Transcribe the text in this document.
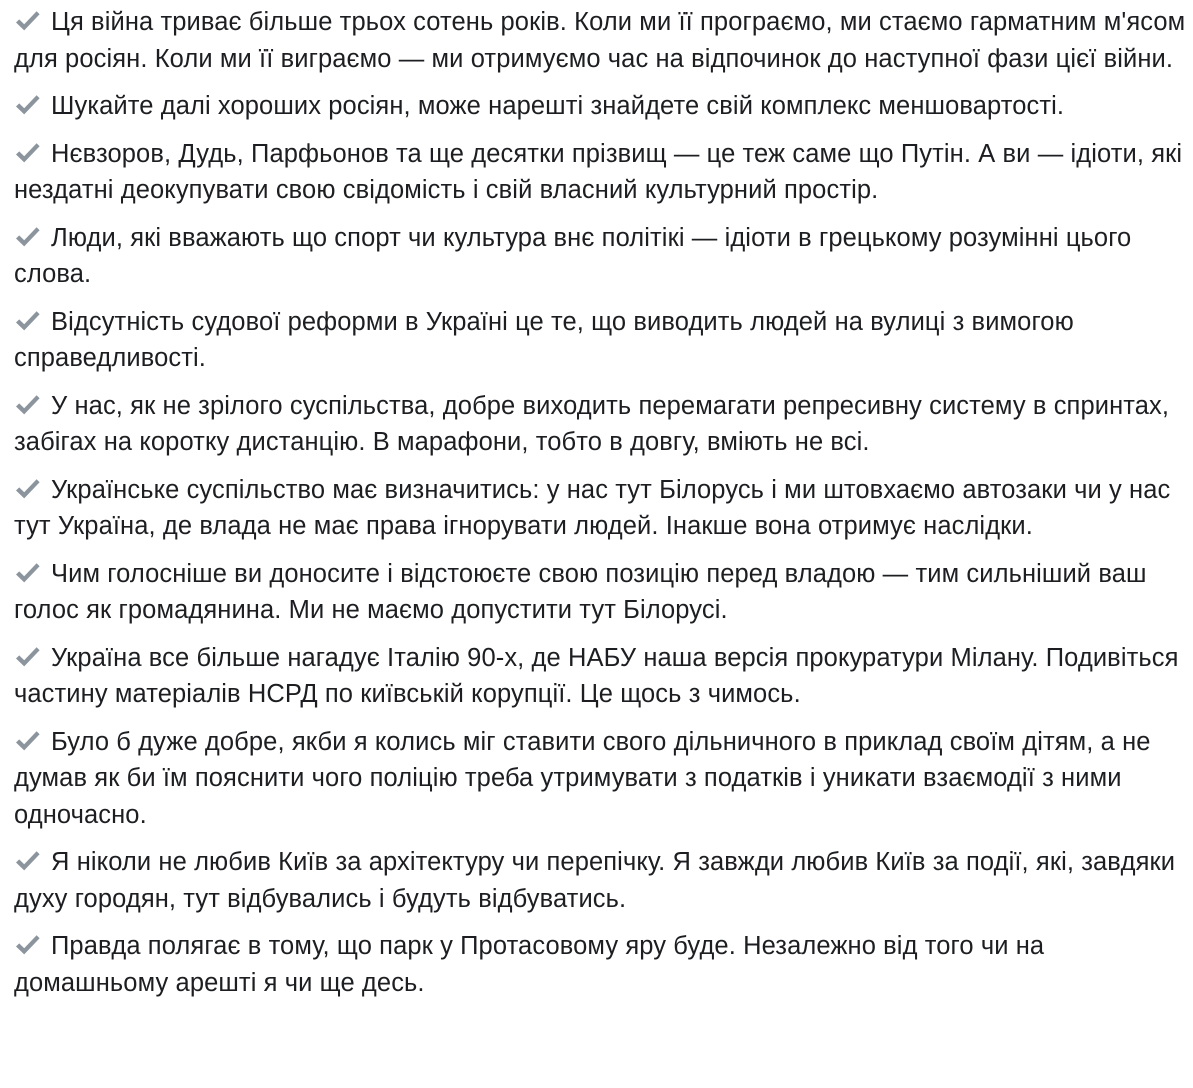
Ця війна триває більше трьох сотень років. Коли ми її програємо, ми стаємо гарматним м'ясом для росіян. Коли ми її виграємо — ми отримуємо час на відпочинок до наступної фази цієї війни.

Шукайте далі хороших росіян, може нарешті знайдете свій комплекс меншовартості.

Нєвзоров, Дудь, Парфьонов та ще десятки прізвищ — це теж саме що Путін. А ви — ідіоти, які нездатні деокупувати свою свідомість і свій власний культурний простір.

Люди, які вважають що спорт чи культура внє політікі — ідіоти в грецькому розумінні цього слова.

Відсутність судової реформи в Україні це те, що виводить людей на вулиці з вимогою справедливості.

У нас, як не зрілого суспільства, добре виходить перемагати репресивну систему в спринтах, забігах на коротку дистанцію. В марафони, тобто в довгу, вміють не всі.

Українське суспільство має визначитись: у нас тут Білорусь і ми штовхаємо автозаки чи у нас тут Україна, де влада не має права ігнорувати людей. Інакше вона отримує наслідки.

Чим голосніше ви доносите і відстоюєте свою позицію перед владою — тим сильніший ваш голос як громадянина. Ми не маємо допустити тут Білорусі.

Україна все більше нагадує Італію 90-х, де НАБУ наша версія прокуратури Мілану. Подивіться частину матеріалів НСРД по київській корупції. Це щось з чимось.

Було б дуже добре, якби я колись міг ставити свого дільничного в приклад своїм дітям, а не думав як би їм пояснити чого поліцію треба утримувати з податків і уникати взаємодії з ними одночасно.

Я ніколи не любив Київ за архітектуру чи перепічку. Я завжди любив Київ за події, які, завдяки духу городян, тут відбувались і будуть відбуватись.

Правда полягає в тому, що парк у Протасовому яру буде. Незалежно від того чи на домашньому арешті я чи ще десь.
